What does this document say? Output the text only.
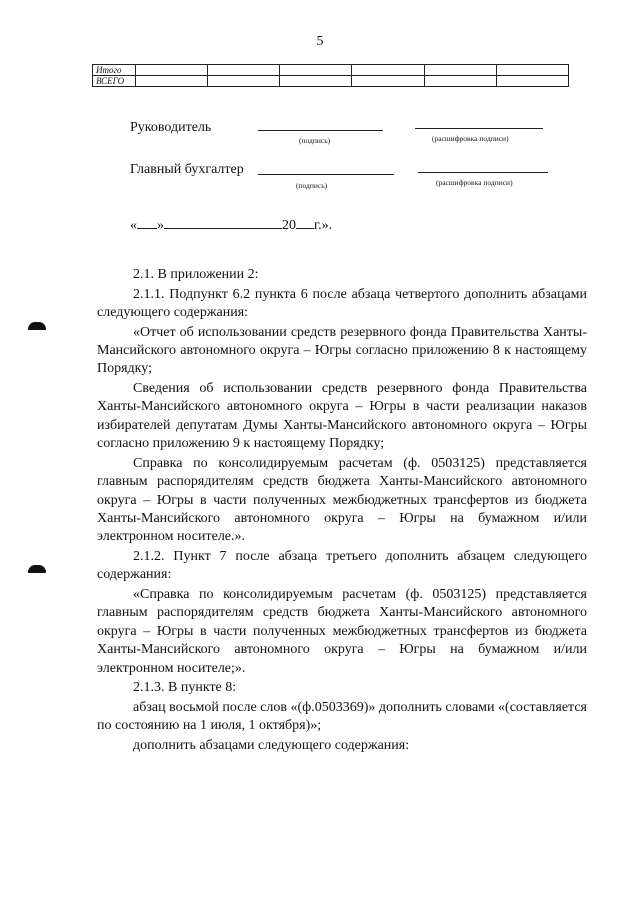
5
Итого						
ВСЕГО						
Руководитель
(подпись)	(расшифровка подписи)
Главный бухгалтер
(подпись)	(расшифровка подписи)
« »	20 г.».

2.1. В приложении 2:

2.1.1. Подпункт 6.2 пункта 6 после абзаца четвертого дополнить абзацами следующего содержания:

«Отчет об использовании средств резервного фонда Правительства Ханты-Мансийского автономного округа – Югры согласно приложению 8 к настоящему Порядку;

Сведения об использовании средств резервного фонда Правительства Ханты-Мансийского автономного округа – Югры в части реализации наказов избирателей депутатам Думы Ханты-Мансийского автономного округа – Югры согласно приложению 9 к настоящему Порядку;

Справка по консолидируемым расчетам (ф. 0503125) представляется главным распорядителям средств бюджета Ханты-Мансийского автономного округа – Югры в части полученных межбюджетных трансфертов из бюджета Ханты-Мансийского автономного округа – Югры на бумажном и/или электронном носителе.».

2.1.2. Пункт 7 после абзаца третьего дополнить абзацем следующего содержания:

«Справка по консолидируемым расчетам (ф. 0503125) представляется главным распорядителям средств бюджета Ханты-Мансийского автономного округа – Югры в части полученных межбюджетных трансфертов из бюджета Ханты-Мансийского автономного округа – Югры на бумажном и/или электронном носителе;».

2.1.3. В пункте 8:

абзац восьмой после слов «(ф.0503369)» дополнить словами «(составляется по состоянию на 1 июля, 1 октября)»;

дополнить абзацами следующего содержания:
